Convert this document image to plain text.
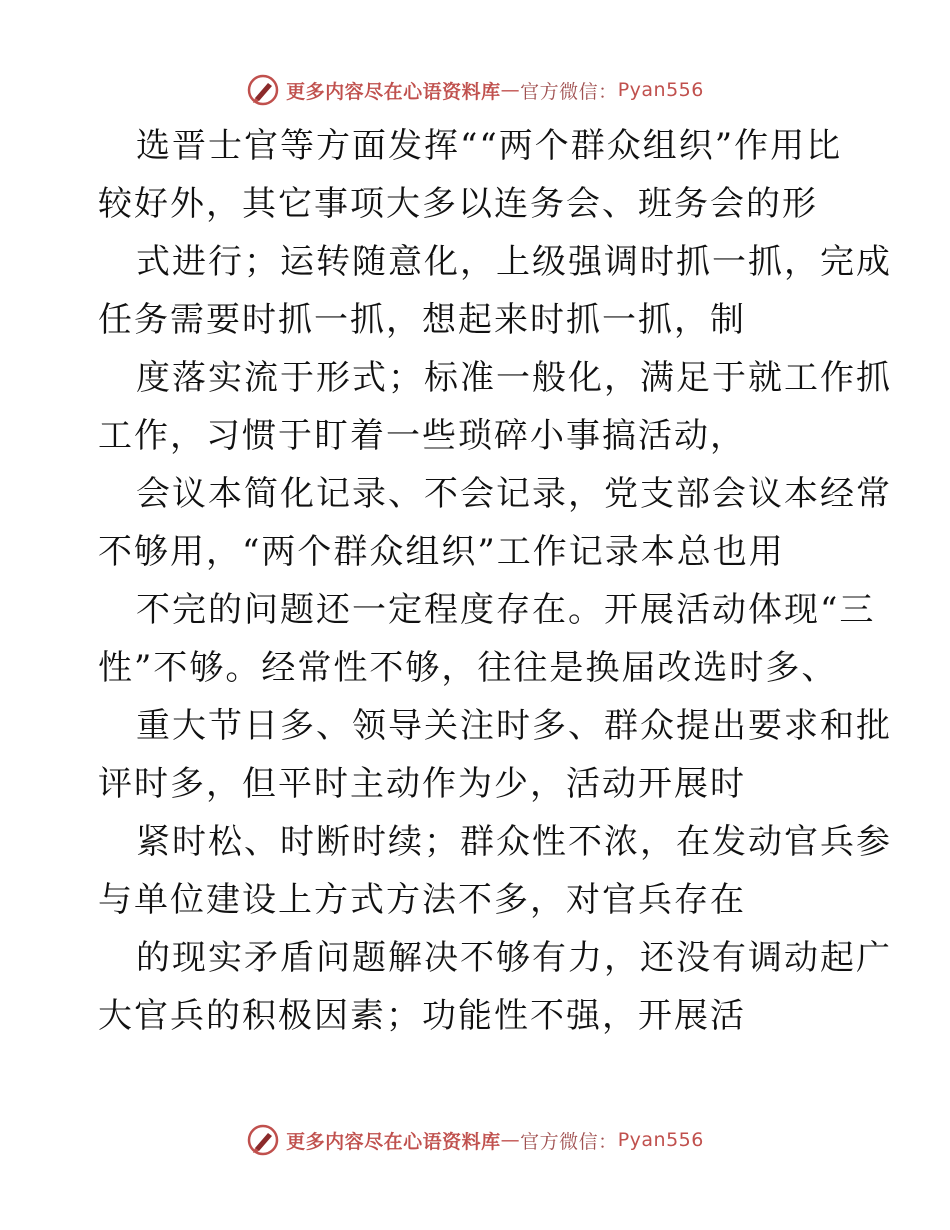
更多内容尽在心语资料库 — 官方微信： Pyan556
选晋士官等方面发挥““两个群众组织”作用比
较好外，其它事项大多以连务会、班务会的形
式进行；运转随意化，上级强调时抓一抓，完成
任务需要时抓一抓，想起来时抓一抓，制
度落实流于形式；标准一般化，满足于就工作抓
工作，习惯于盯着一些琐碎小事搞活动，
会议本简化记录、不会记录，党支部会议本经常
不够用，“两个群众组织”工作记录本总也用
不完的问题还一定程度存在。开展活动体现“三
性”不够。经常性不够，往往是换届改选时多、
重大节日多、领导关注时多、群众提出要求和批
评时多，但平时主动作为少，活动开展时
紧时松、时断时续；群众性不浓，在发动官兵参
与单位建设上方式方法不多，对官兵存在
的现实矛盾问题解决不够有力，还没有调动起广
大官兵的积极因素；功能性不强，开展活
更多内容尽在心语资料库 — 官方微信： Pyan556
